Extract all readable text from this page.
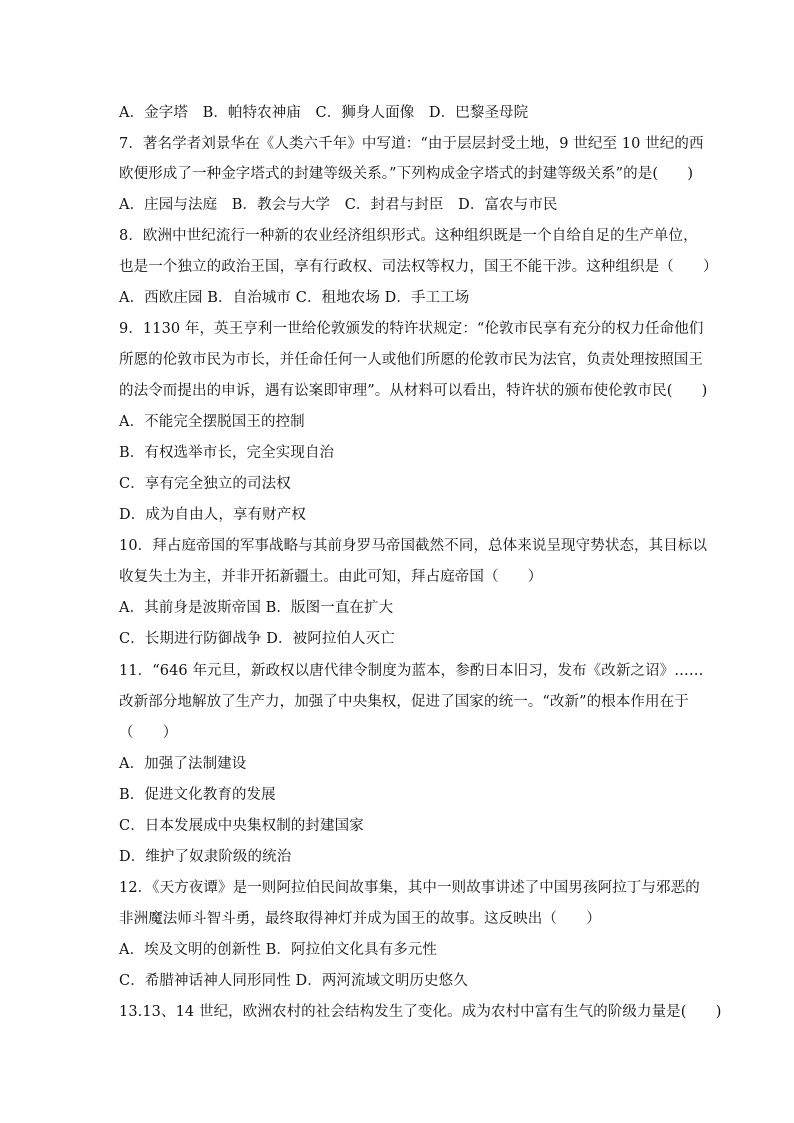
A．金字塔　B．帕特农神庙　C．狮身人面像　D．巴黎圣母院
7．著名学者刘景华在《人类六千年》中写道：“由于层层封受土地，9 世纪至 10 世纪的西
欧便形成了一种金字塔式的封建等级关系。”下列构成金字塔式的封建等级关系”的是(　　)
A．庄园与法庭　B．教会与大学　C．封君与封臣　D．富农与市民
8．欧洲中世纪流行一种新的农业经济组织形式。这种组织既是一个自给自足的生产单位，
也是一个独立的政治王国，享有行政权、司法权等权力，国王不能干涉。这种组织是（　　）
A．西欧庄园 B．自治城市 C．租地农场 D．手工工场
9．1130 年，英王亨利一世给伦敦颁发的特许状规定：“伦敦市民享有充分的权力任命他们
所愿的伦敦市民为市长，并任命任何一人或他们所愿的伦敦市民为法官，负责处理按照国王
的法令而提出的申诉，遇有讼案即审理”。从材料可以看出，特许状的颁布使伦敦市民(　　)
A．不能完全摆脱国王的控制
B．有权选举市长，完全实现自治
C．享有完全独立的司法权
D．成为自由人，享有财产权
10．拜占庭帝国的军事战略与其前身罗马帝国截然不同，总体来说呈现守势状态，其目标以
收复失土为主，并非开拓新疆土。由此可知，拜占庭帝国（　　）
A．其前身是波斯帝国 B．版图一直在扩大
C．长期进行防御战争 D．被阿拉伯人灭亡
11．“646 年元旦，新政权以唐代律令制度为蓝本，参酌日本旧习，发布《改新之诏》……
改新部分地解放了生产力，加强了中央集权，促进了国家的统一。“改新”的根本作用在于
（　　）
A．加强了法制建设
B．促进文化教育的发展
C．日本发展成中央集权制的封建国家
D．维护了奴隶阶级的统治
12．《天方夜谭》是一则阿拉伯民间故事集，其中一则故事讲述了中国男孩阿拉丁与邪恶的
非洲魔法师斗智斗勇，最终取得神灯并成为国王的故事。这反映出（　　）
A．埃及文明的创新性 B．阿拉伯文化具有多元性
C．希腊神话神人同形同性 D．两河流域文明历史悠久
13.13、14 世纪，欧洲农村的社会结构发生了变化。成为农村中富有生气的阶级力量是(　　)
